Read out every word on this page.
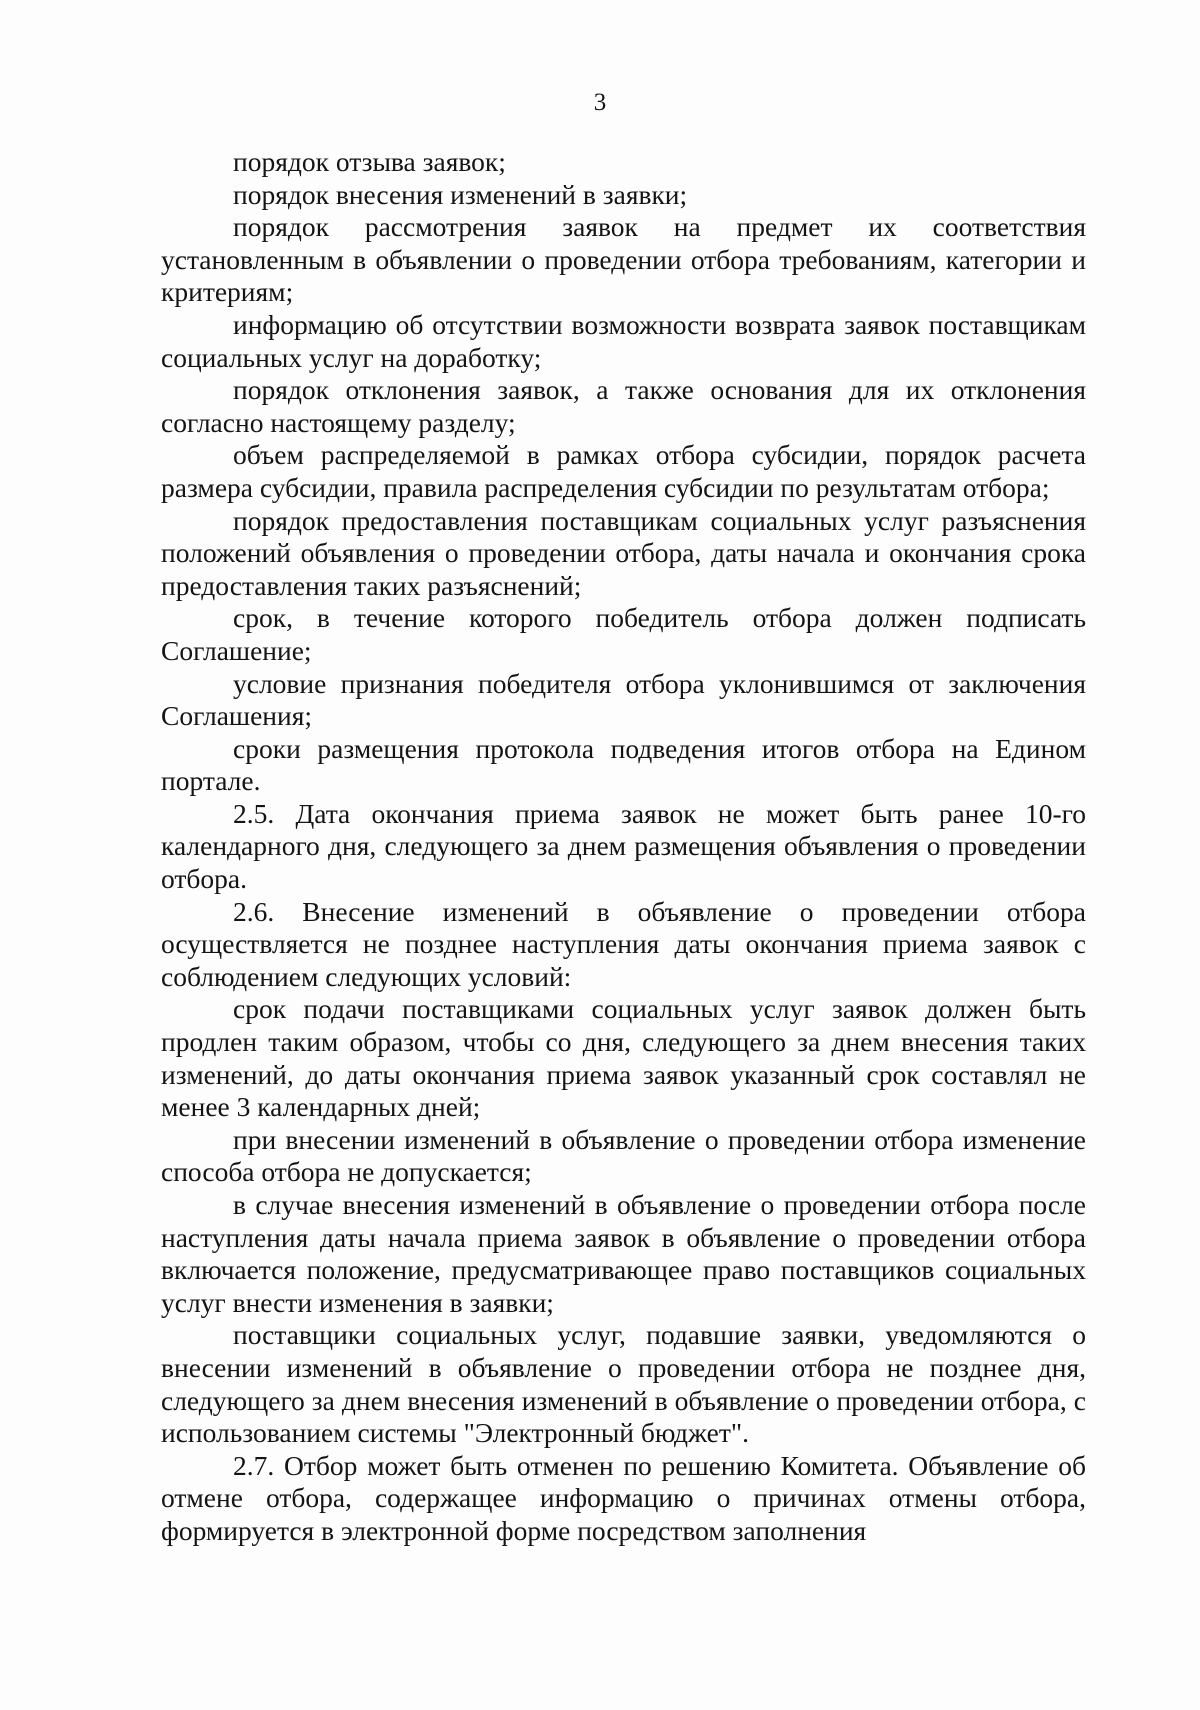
3

порядок отзыва заявок;

порядок внесения изменений в заявки;

порядок рассмотрения заявок на предмет их соответствия установленным в объявлении о проведении отбора требованиям, категории и критериям;

информацию об отсутствии возможности возврата заявок поставщикам социальных услуг на доработку;

порядок отклонения заявок, а также основания для их отклонения согласно настоящему разделу;

объем распределяемой в рамках отбора субсидии, порядок расчета размера субсидии, правила распределения субсидии по результатам отбора;

порядок предоставления поставщикам социальных услуг разъяснения положений объявления о проведении отбора, даты начала и окончания срока предоставления таких разъяснений;

срок, в течение которого победитель отбора должен подписать Соглашение;

условие признания победителя отбора уклонившимся от заключения Соглашения;

сроки размещения протокола подведения итогов отбора на Едином портале.

2.5. Дата окончания приема заявок не может быть ранее 10-го календарного дня, следующего за днем размещения объявления о проведении отбора.

2.6. Внесение изменений в объявление о проведении отбора осуществляется не позднее наступления даты окончания приема заявок с соблюдением следующих условий:

срок подачи поставщиками социальных услуг заявок должен быть продлен таким образом, чтобы со дня, следующего за днем внесения таких изменений, до даты окончания приема заявок указанный срок составлял не менее 3 календарных дней;

при внесении изменений в объявление о проведении отбора изменение способа отбора не допускается;

в случае внесения изменений в объявление о проведении отбора после наступления даты начала приема заявок в объявление о проведении отбора включается положение, предусматривающее право поставщиков социальных услуг внести изменения в заявки;

поставщики социальных услуг, подавшие заявки, уведомляются о внесении изменений в объявление о проведении отбора не позднее дня, следующего за днем внесения изменений в объявление о проведении отбора, с использованием системы "Электронный бюджет".

2.7. Отбор может быть отменен по решению Комитета. Объявление об отмене отбора, содержащее информацию о причинах отмены отбора, формируется в электронной форме посредством заполнения
